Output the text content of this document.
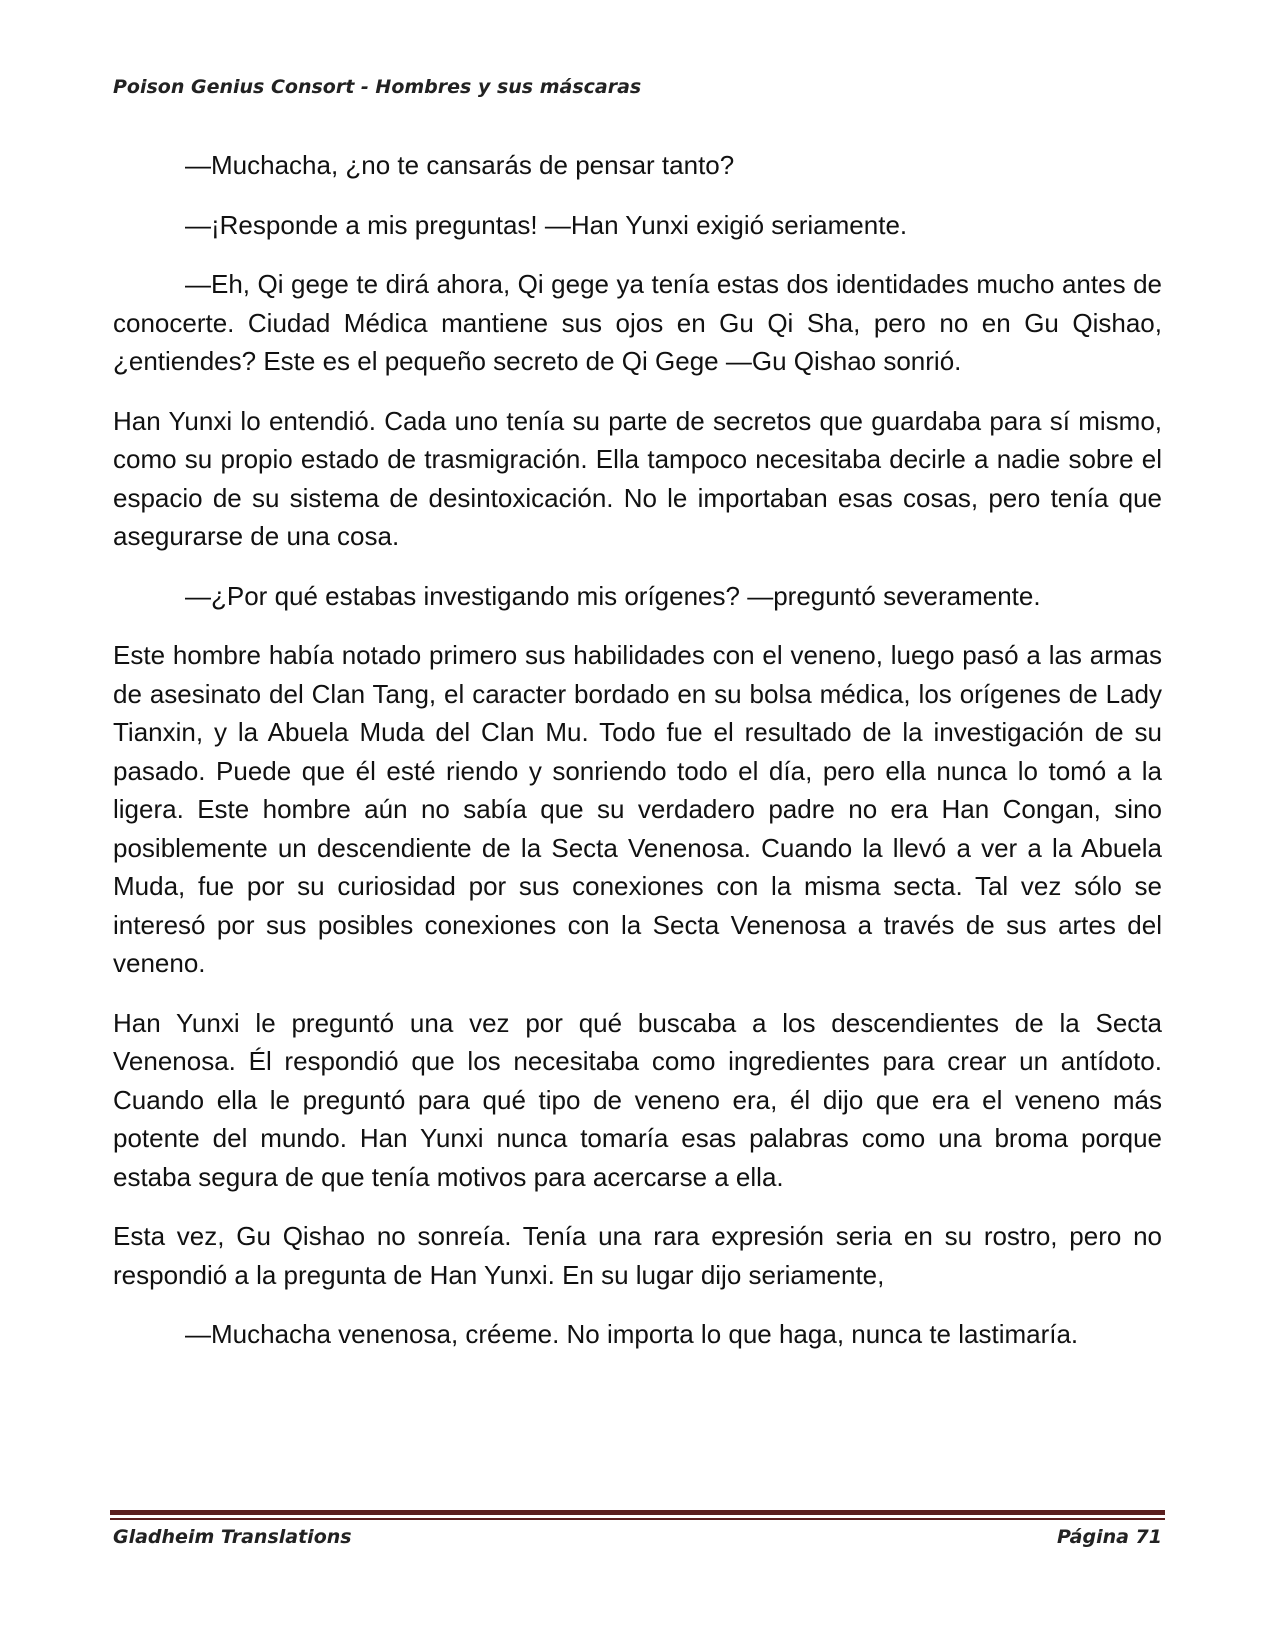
Poison Genius Consort - Hombres y sus máscaras

—Muchacha, ¿no te cansarás de pensar tanto?

—¡Responde a mis preguntas! —Han Yunxi exigió seriamente.

—Eh, Qi gege te dirá ahora, Qi gege ya tenía estas dos identidades mucho antes de conocerte. Ciudad Médica mantiene sus ojos en Gu Qi Sha, pero no en Gu Qishao, ¿entiendes? Este es el pequeño secreto de Qi Gege —Gu Qishao sonrió.

Han Yunxi lo entendió. Cada uno tenía su parte de secretos que guardaba para sí mismo, como su propio estado de trasmigración. Ella tampoco necesitaba decirle a nadie sobre el espacio de su sistema de desintoxicación. No le importaban esas cosas, pero tenía que asegurarse de una cosa.

—¿Por qué estabas investigando mis orígenes? —preguntó severamente.

Este hombre había notado primero sus habilidades con el veneno, luego pasó a las armas de asesinato del Clan Tang, el caracter bordado en su bolsa médica, los orígenes de Lady Tianxin, y la Abuela Muda del Clan Mu. Todo fue el resultado de la investigación de su pasado. Puede que él esté riendo y sonriendo todo el día, pero ella nunca lo tomó a la ligera. Este hombre aún no sabía que su verdadero padre no era Han Congan, sino posiblemente un descendiente de la Secta Venenosa. Cuando la llevó a ver a la Abuela Muda, fue por su curiosidad por sus conexiones con la misma secta. Tal vez sólo se interesó por sus posibles conexiones con la Secta Venenosa a través de sus artes del veneno.

Han Yunxi le preguntó una vez por qué buscaba a los descendientes de la Secta Venenosa. Él respondió que los necesitaba como ingredientes para crear un antídoto. Cuando ella le preguntó para qué tipo de veneno era, él dijo que era el veneno más potente del mundo. Han Yunxi nunca tomaría esas palabras como una broma porque estaba segura de que tenía motivos para acercarse a ella.

Esta vez, Gu Qishao no sonreía. Tenía una rara expresión seria en su rostro, pero no respondió a la pregunta de Han Yunxi. En su lugar dijo seriamente,

—Muchacha venenosa, créeme. No importa lo que haga, nunca te lastimaría.

Gladheim Translations	Página 71
